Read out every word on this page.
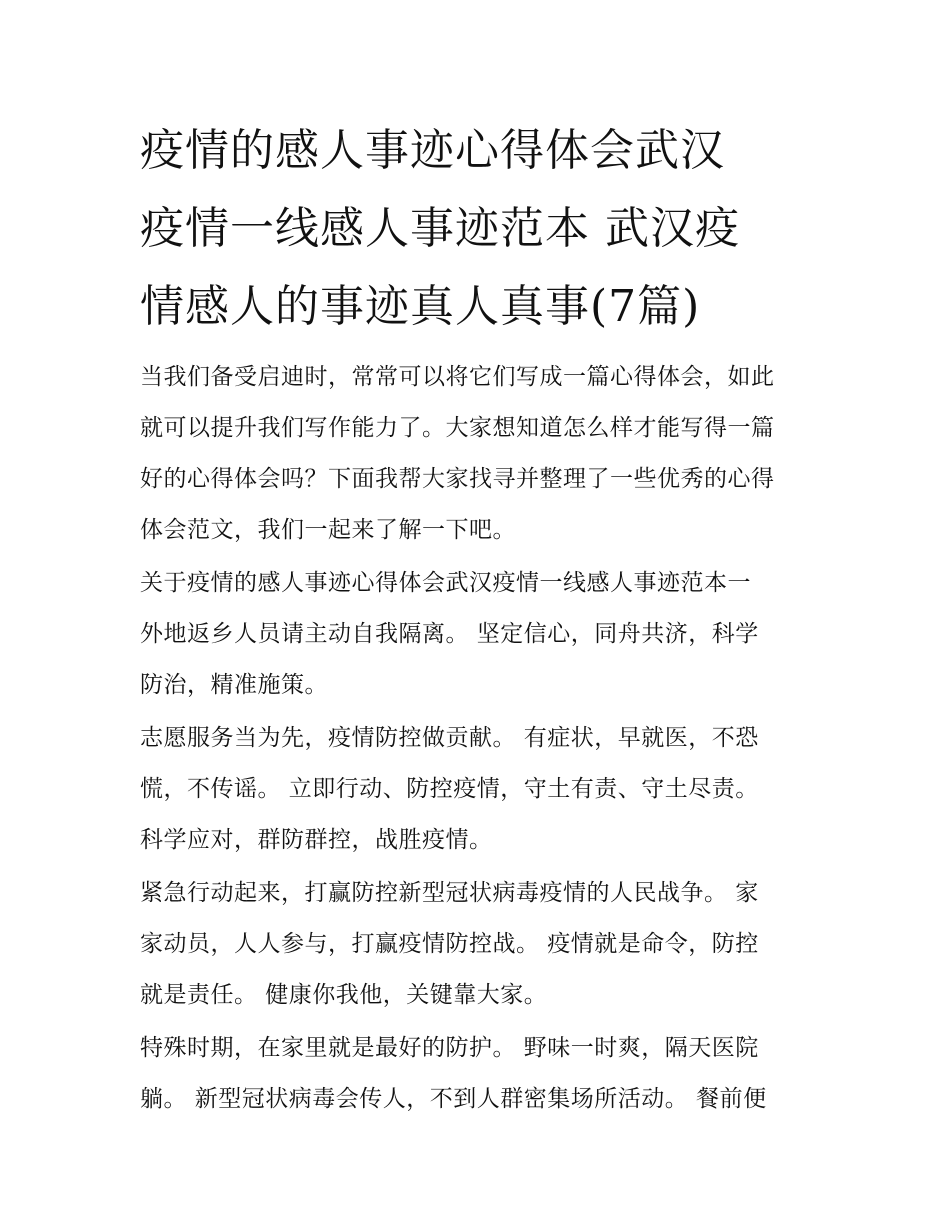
疫情的感人事迹心得体会武汉
疫情一线感人事迹范本 武汉疫
情感人的事迹真人真事(7篇)

当我们备受启迪时，常常可以将它们写成一篇心得体会，如此
就可以提升我们写作能力了。大家想知道怎么样才能写得一篇
好的心得体会吗？下面我帮大家找寻并整理了一些优秀的心得
体会范文，我们一起来了解一下吧。

关于疫情的感人事迹心得体会武汉疫情一线感人事迹范本一
外地返乡人员请主动自我隔离。 坚定信心，同舟共济，科学
防治，精准施策。

志愿服务当为先，疫情防控做贡献。 有症状，早就医，不恐
慌，不传谣。 立即行动、防控疫情，守土有责、守土尽责。
科学应对，群防群控，战胜疫情。

紧急行动起来，打赢防控新型冠状病毒疫情的人民战争。 家
家动员，人人参与，打赢疫情防控战。 疫情就是命令，防控
就是责任。 健康你我他，关键靠大家。

特殊时期，在家里就是最好的防护。 野味一时爽，隔天医院
躺。 新型冠状病毒会传人，不到人群密集场所活动。 餐前便
